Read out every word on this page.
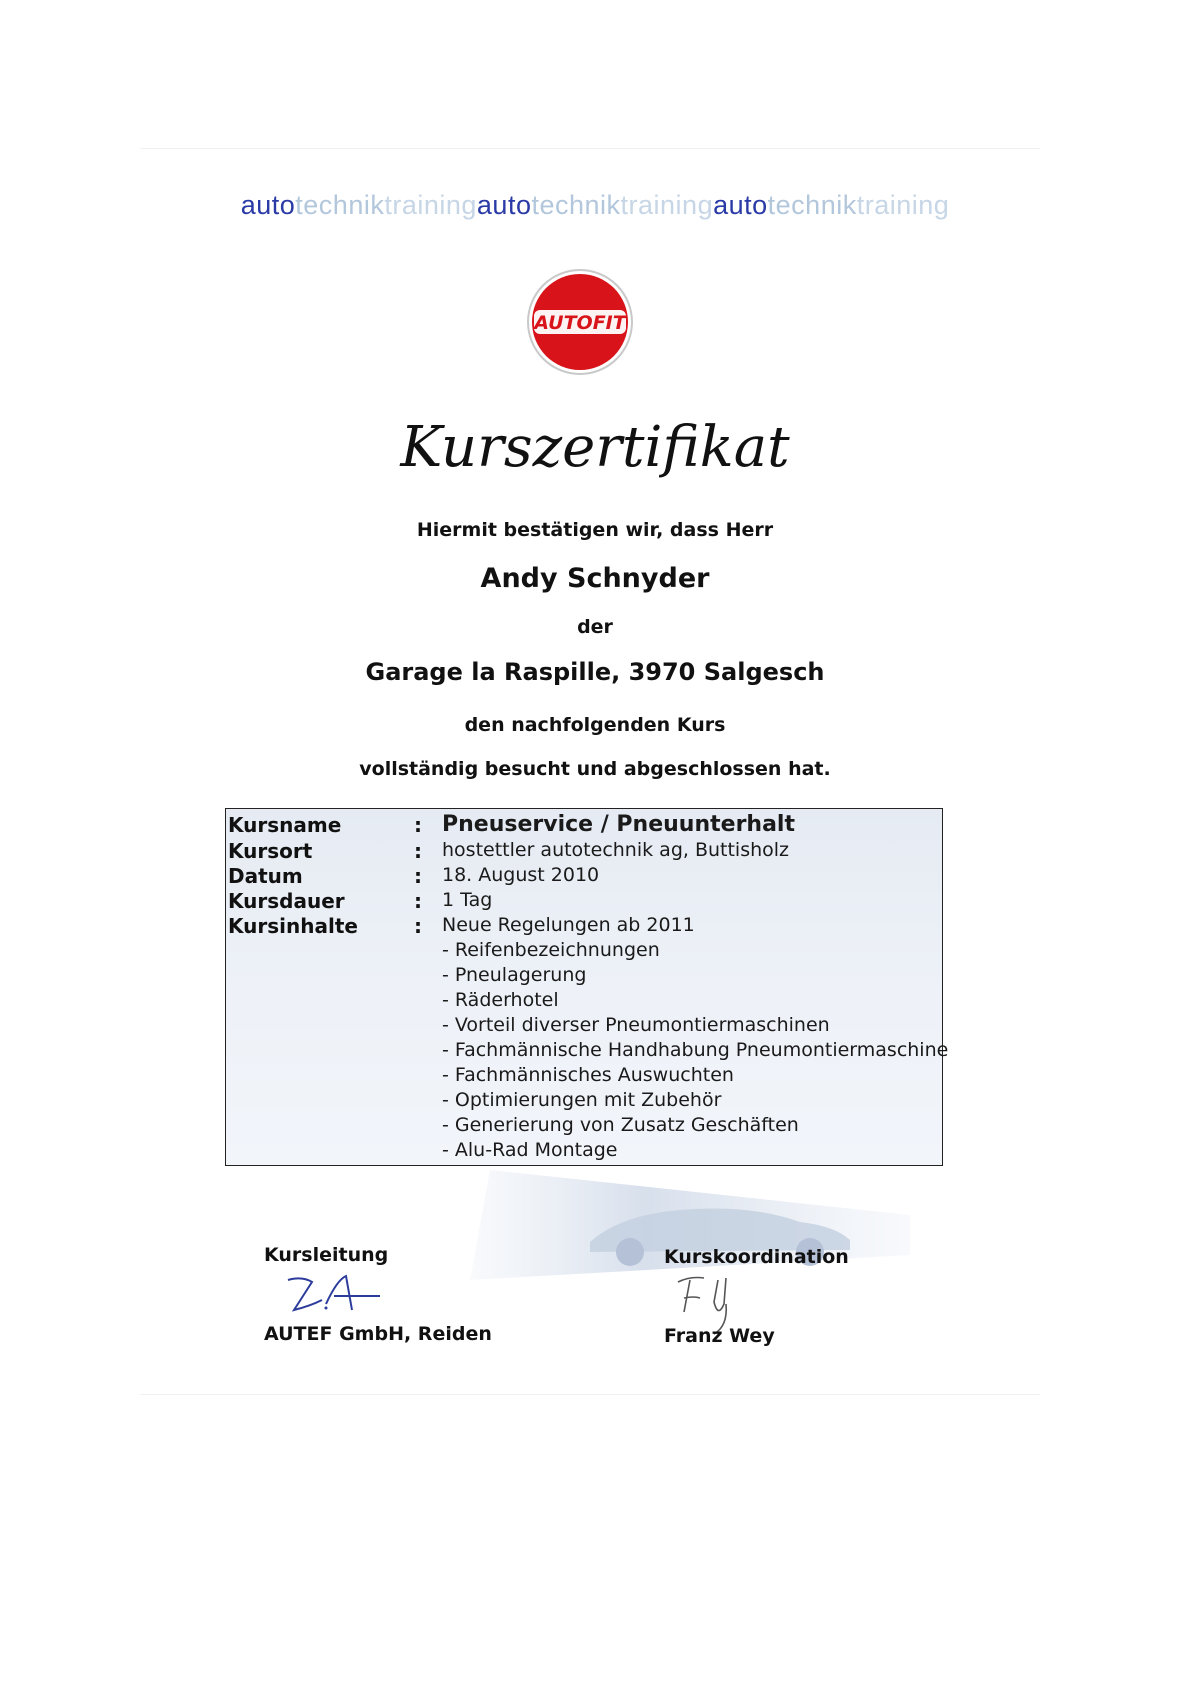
autotechniktrainingautotechniktrainingautotechniktraining
AUTOFIT
Kurszertifikat
Hiermit bestätigen wir, dass Herr
Andy Schnyder
der
Garage la Raspille, 3970 Salgesch
den nachfolgenden Kurs
vollständig besucht und abgeschlossen hat.
Kursname	: Pneuservice / Pneuunterhalt
Kursort	: hostettler autotechnik ag, Buttisholz
Datum	: 18. August 2010
Kursdauer	: 1 Tag
Kursinhalte	: Neue Regelungen ab 2011
- Reifenbezeichnungen
- Pneulagerung
- Räderhotel
- Vorteil diverser Pneumontiermaschinen
- Fachmännische Handhabung Pneumontiermaschine
- Fachmännisches Auswuchten
- Optimierungen mit Zubehör
- Generierung von Zusatz Geschäften
- Alu-Rad Montage
Kursleitung
AUTEF GmbH, Reiden
Kurskoordination
Franz Wey
